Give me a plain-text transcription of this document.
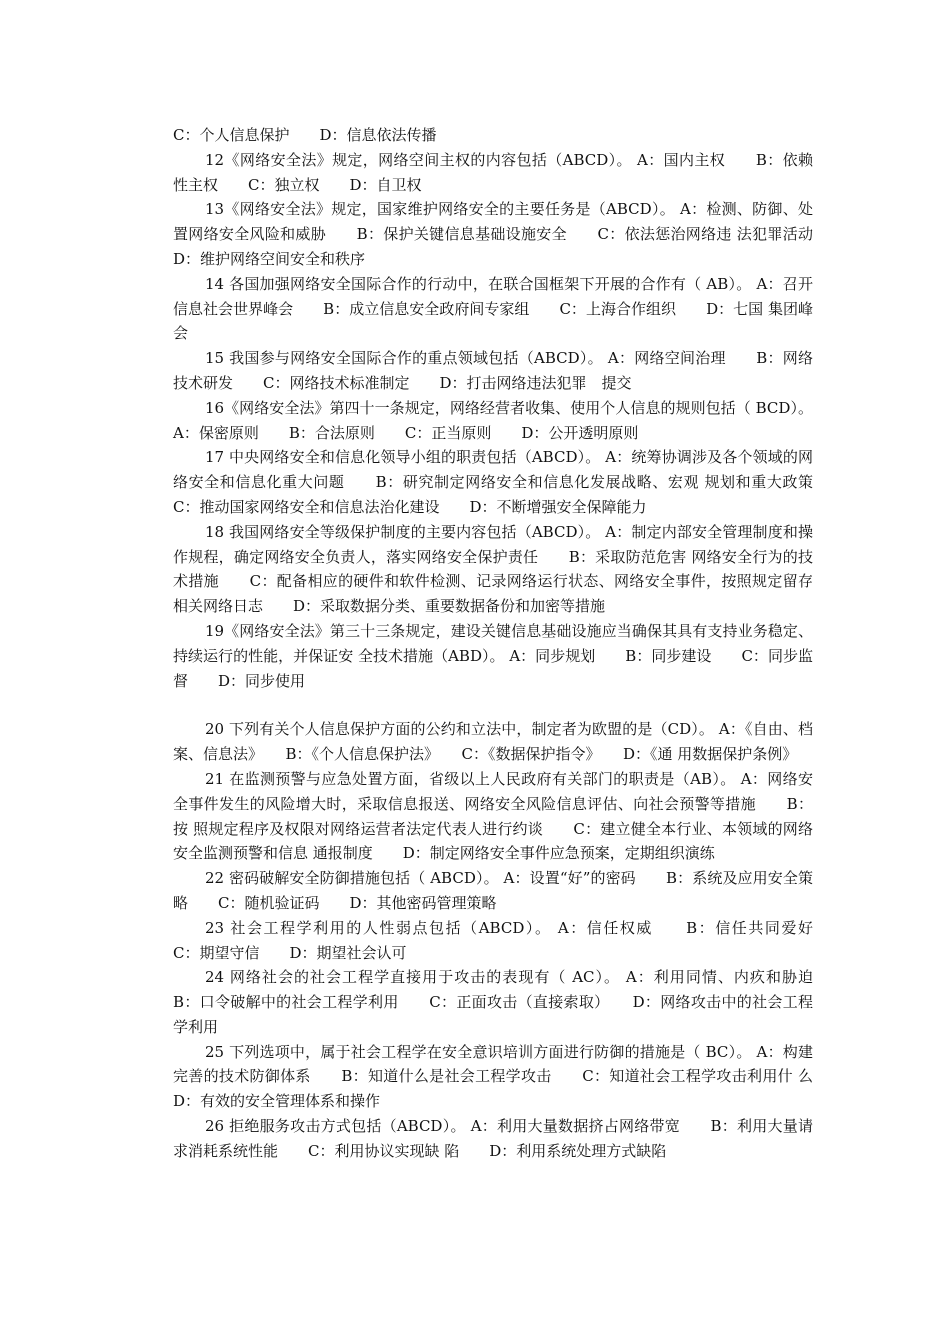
C：个人信息保护　　D：信息依法传播

12《网络安全法》规定，网络空间主权的内容包括（ABCD）。 A：国内主权　　B：依赖性主权　　C：独立权　　D：自卫权

13《网络安全法》规定，国家维护网络安全的主要任务是（ABCD）。 A：检测、防御、处置网络安全风险和威胁　　B：保护关键信息基础设施安全　　C：依法惩治网络违 法犯罪活动　　D：维护网络空间安全和秩序

14 各国加强网络安全国际合作的行动中，在联合国框架下开展的合作有（ AB）。 A：召开信息社会世界峰会　　B：成立信息安全政府间专家组　　C：上海合作组织　　D：七国 集团峰会

15 我国参与网络安全国际合作的重点领域包括（ABCD）。 A：网络空间治理　　B：网络技术研发　　C：网络技术标准制定　　D：打击网络违法犯罪　提交

16《网络安全法》第四十一条规定，网络经营者收集、使用个人信息的规则包括（ BCD）。 A：保密原则　　B：合法原则　　C：正当原则　　D：公开透明原则

17 中央网络安全和信息化领导小组的职责包括（ABCD）。 A：统筹协调涉及各个领域的网络安全和信息化重大问题　　B：研究制定网络安全和信息化发展战略、宏观 规划和重大政策　　C：推动国家网络安全和信息法治化建设　　D：不断增强安全保障能力

18 我国网络安全等级保护制度的主要内容包括（ABCD）。 A：制定内部安全管理制度和操作规程，确定网络安全负责人，落实网络安全保护责任　　B：采取防范危害 网络安全行为的技术措施　　C：配备相应的硬件和软件检测、记录网络运行状态、网络安全事件，按照规定留存 相关网络日志　　D：采取数据分类、重要数据备份和加密等措施

19《网络安全法》第三十三条规定，建设关键信息基础设施应当确保其具有支持业务稳定、持续运行的性能，并保证安 全技术措施（ABD）。 A：同步规划　　B：同步建设　　C：同步监督　　D：同步使用

20 下列有关个人信息保护方面的公约和立法中，制定者为欧盟的是（CD）。 A：《自由、档案、信息法》　　B：《个人信息保护法》　　C：《数据保护指令》　　D：《通 用数据保护条例》

21 在监测预警与应急处置方面，省级以上人民政府有关部门的职责是（AB）。 A：网络安全事件发生的风险增大时，采取信息报送、网络安全风险信息评估、向社会预警等措施　　B：按 照规定程序及权限对网络运营者法定代表人进行约谈　　C：建立健全本行业、本领域的网络安全监测预警和信息 通报制度　　D：制定网络安全事件应急预案，定期组织演练

22 密码破解安全防御措施包括（ ABCD）。 A：设置“好”的密码　　B：系统及应用安全策略　　C：随机验证码　　D：其他密码管理策略

23 社会工程学利用的人性弱点包括（ABCD）。 A：信任权威　　B：信任共同爱好　　C：期望守信　　D：期望社会认可

24 网络社会的社会工程学直接用于攻击的表现有（ AC）。 A：利用同情、内疚和胁迫　　B：口令破解中的社会工程学利用　　C：正面攻击（直接索取）　　D：网络攻击中的社会工程学利用

25 下列选项中，属于社会工程学在安全意识培训方面进行防御的措施是（ BC）。 A：构建完善的技术防御体系　　B：知道什么是社会工程学攻击　　C：知道社会工程学攻击利用什 么　　D：有效的安全管理体系和操作

26 拒绝服务攻击方式包括（ABCD）。 A：利用大量数据挤占网络带宽　　B：利用大量请求消耗系统性能　　C：利用协议实现缺 陷　　D：利用系统处理方式缺陷
